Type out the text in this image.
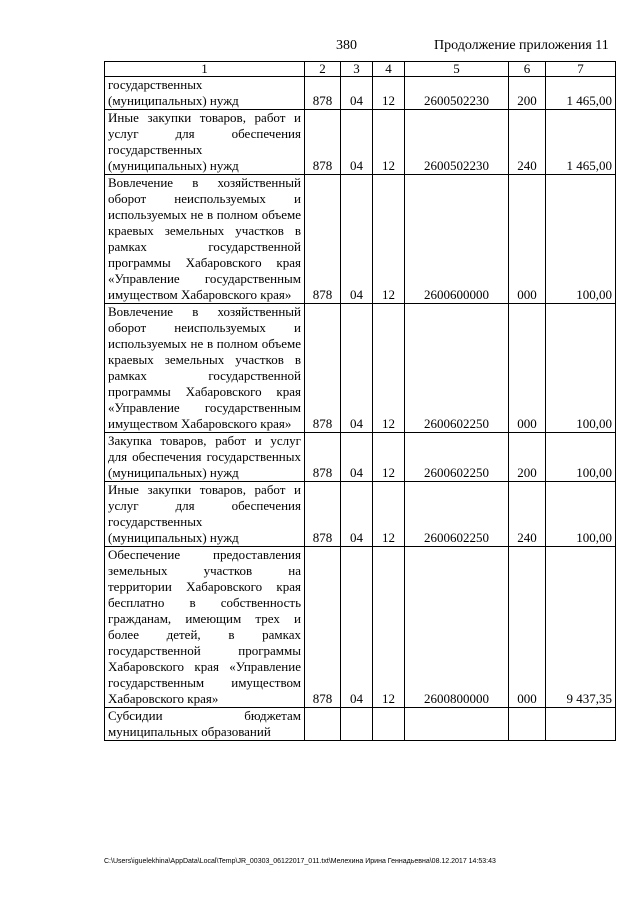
380	Продолжение приложения 11
1	2	3	4	5	6	7
государственных (муниципальных) нужд	878	04	12	2600502230	200	1 465,00
Иные закупки товаров, работ и услуг для обеспечения государственных (муниципальных) нужд	878	04	12	2600502230	240	1 465,00
Вовлечение в хозяйственный оборот неиспользуемых и используемых не в полном объеме краевых земельных участков в рамках государственной программы Хабаровского края «Управление государственным имуществом Хабаровского края»	878	04	12	2600600000	000	100,00
Вовлечение в хозяйственный оборот неиспользуемых и используемых не в полном объеме краевых земельных участков в рамках государственной программы Хабаровского края «Управление государственным имуществом Хабаровского края»	878	04	12	2600602250	000	100,00
Закупка товаров, работ и услуг для обеспечения государственных (муниципальных) нужд	878	04	12	2600602250	200	100,00
Иные закупки товаров, работ и услуг для обеспечения государственных (муниципальных) нужд	878	04	12	2600602250	240	100,00
Обеспечение предоставления земельных участков на территории Хабаровского края бесплатно в собственность гражданам, имеющим трех и более детей, в рамках государственной программы Хабаровского края «Управление государственным имуществом Хабаровского края»	878	04	12	2600800000	000	9 437,35
Субсидии бюджетам муниципальных образований						
C:\Users\iguelekhina\AppData\Local\Temp\JR_00303_06122017_011.txt\Мелехина Ирина Геннадьевна\08.12.2017 14:53:43
